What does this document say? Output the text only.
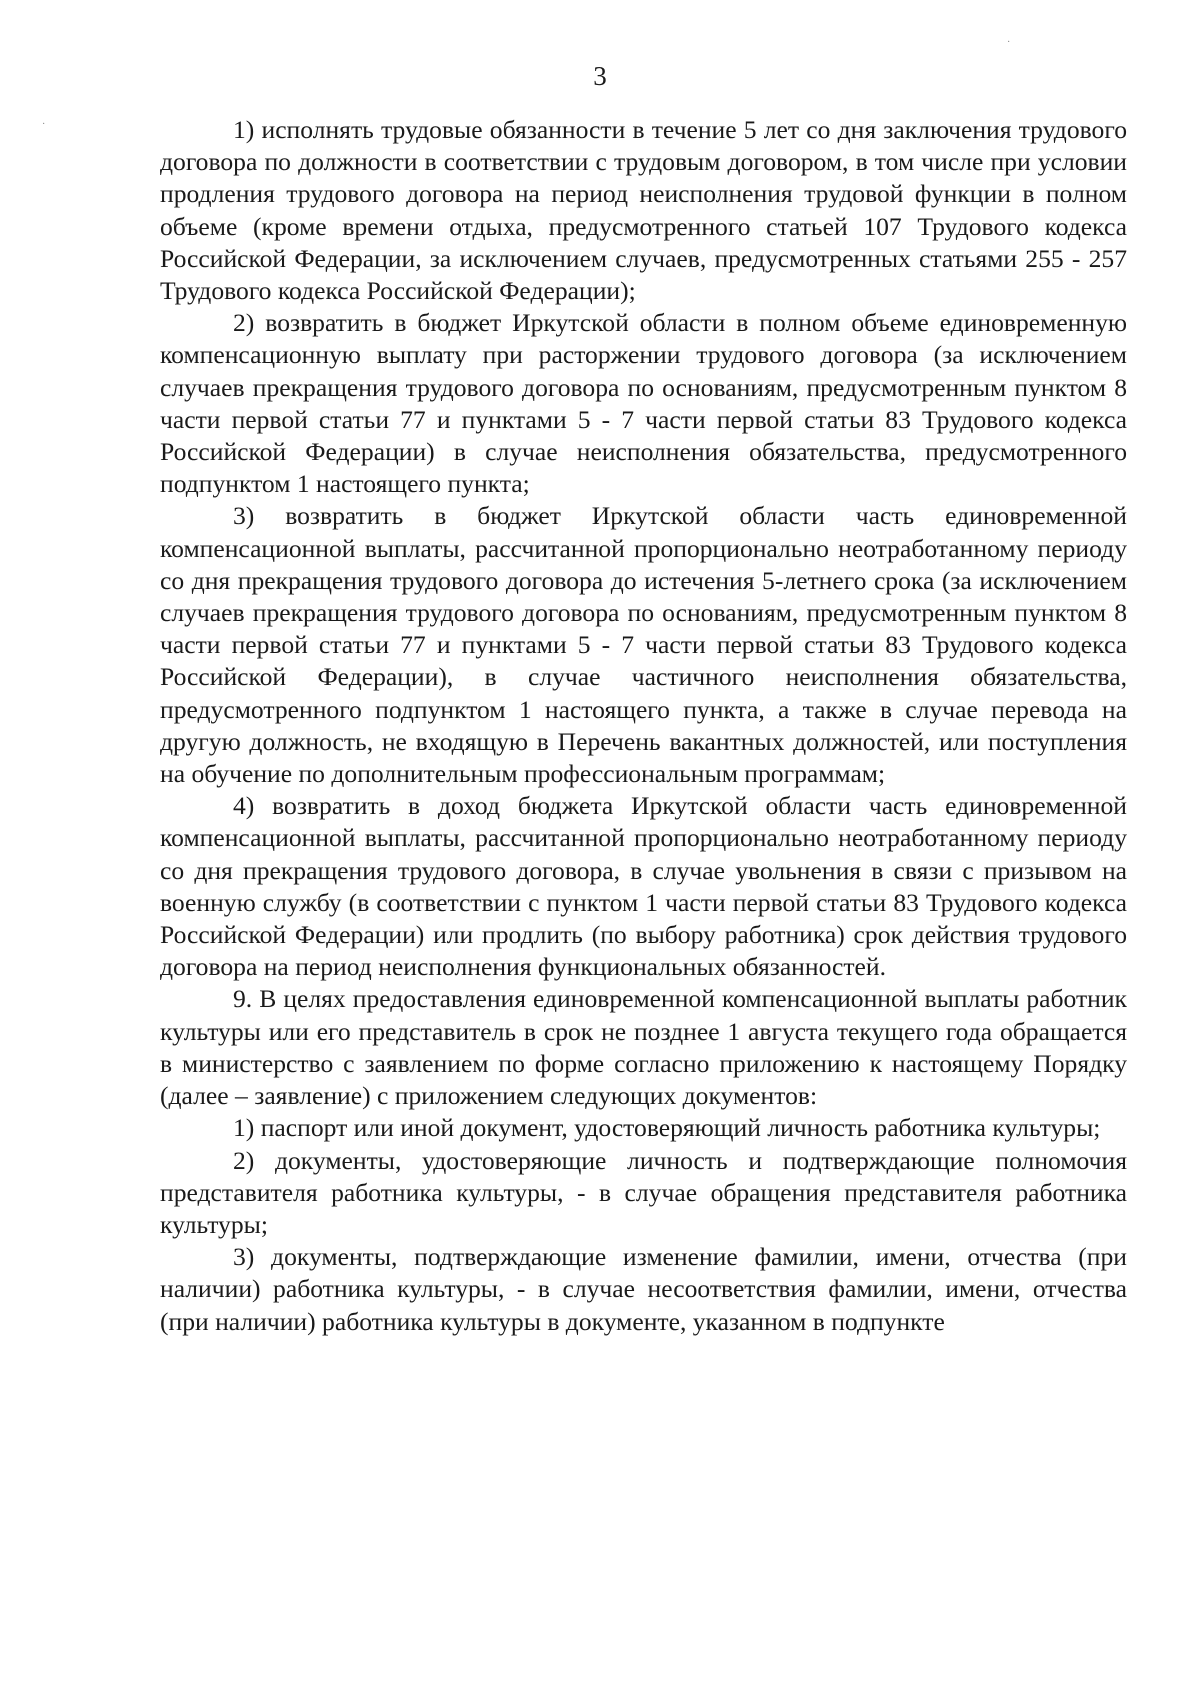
3
·
·	1) исполнять трудовые обязанности в течение 5 лет со дня заключения трудового договора по должности в соответствии с трудовым договором, в том числе при условии продления трудового договора на период неисполнения трудовой функции в полном объеме (кроме времени отдыха, предусмотренного статьей 107 Трудового кодекса Российской Федерации, за исключением случаев, предусмотренных статьями 255 - 257 Трудового кодекса Российской Федерации);

2) возвратить в бюджет Иркутской области в полном объеме единовременную компенсационную выплату при расторжении трудового договора (за исключением случаев прекращения трудового договора по основаниям, предусмотренным пунктом 8 части первой статьи 77 и пунктами 5 - 7 части первой статьи 83 Трудового кодекса Российской Федерации) в случае неисполнения обязательства, предусмотренного подпунктом 1 настоящего пункта;

3) возвратить в бюджет Иркутской области часть единовременной компенсационной выплаты, рассчитанной пропорционально неотработанному периоду со дня прекращения трудового договора до истечения 5-летнего срока (за исключением случаев прекращения трудового договора по основаниям, предусмотренным пунктом 8 части первой статьи 77 и пунктами 5 - 7 части первой статьи 83 Трудового кодекса Российской Федерации), в случае частичного неисполнения обязательства, предусмотренного подпунктом 1 настоящего пункта, а также в случае перевода на другую должность, не входящую в Перечень вакантных должностей, или поступления на обучение по дополнительным профессиональным программам;

4) возвратить в доход бюджета Иркутской области часть единовременной компенсационной выплаты, рассчитанной пропорционально неотработанному периоду со дня прекращения трудового договора, в случае увольнения в связи с призывом на военную службу (в соответствии с пунктом 1 части первой статьи 83 Трудового кодекса Российской Федерации) или продлить (по выбору работника) срок действия трудового договора на период неисполнения функциональных обязанностей.

9. В целях предоставления единовременной компенсационной выплаты работник культуры или его представитель в срок не позднее 1 августа текущего года обращается в министерство с заявлением по форме согласно приложению к настоящему Порядку (далее – заявление) с приложением следующих документов:

1) паспорт или иной документ, удостоверяющий личность работника культуры;

2) документы, удостоверяющие личность и подтверждающие полномочия представителя работника культуры, - в случае обращения представителя работника культуры;

3) документы, подтверждающие изменение фамилии, имени, отчества (при наличии) работника культуры, - в случае несоответствия фамилии, имени, отчества (при наличии) работника культуры в документе, указанном в подпункте
